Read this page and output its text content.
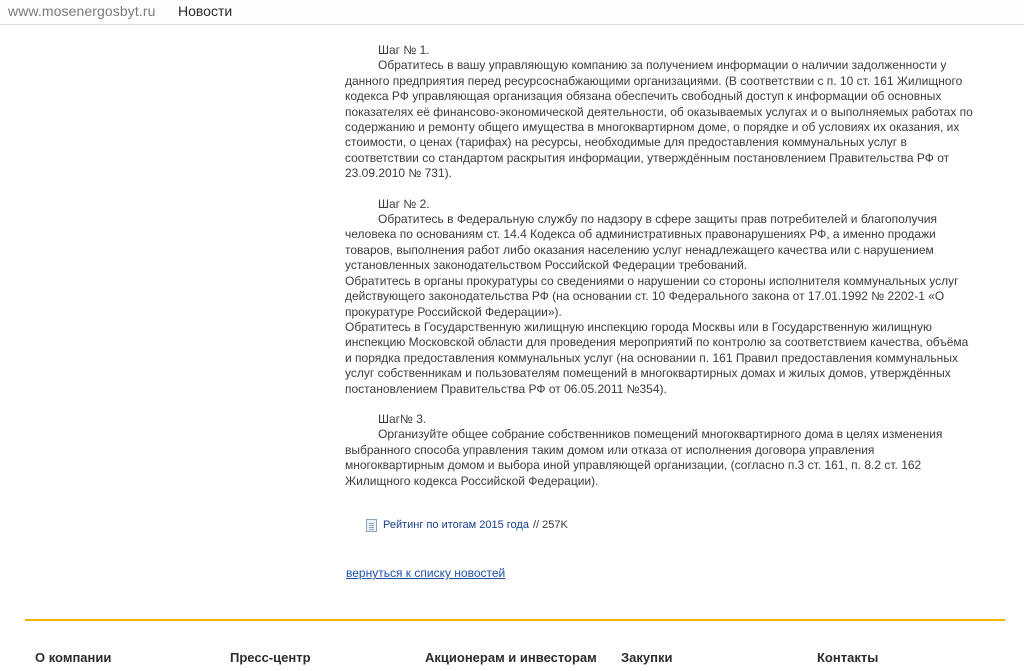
www.mosenergosbyt.ru Новости

Шаг № 1.

Обратитесь в вашу управляющую компанию за получением информации о наличии задолженности у данного предприятия перед ресурсоснабжающими организациями. (В соответствии с п. 10 ст. 161 Жилищного кодекса РФ управляющая организация обязана обеспечить свободный доступ к информации об основных показателях её финансово-экономической деятельности, об оказываемых услугах и о выполняемых работах по содержанию и ремонту общего имущества в многоквартирном доме, о порядке и об условиях их оказания, их стоимости, о ценах (тарифах) на ресурсы, необходимые для предоставления коммунальных услуг в соответствии со стандартом раскрытия информации, утверждённым постановлением Правительства РФ от 23.09.2010 № 731).

Шаг № 2.

Обратитесь в Федеральную службу по надзору в сфере защиты прав потребителей и благополучия человека по основаниям ст. 14.4 Кодекса об административных правонарушениях РФ, а именно продажи товаров, выполнения работ либо оказания населению услуг ненадлежащего качества или с нарушением установленных законодательством Российской Федерации требований.

Обратитесь в органы прокуратуры со сведениями о нарушении со стороны исполнителя коммунальных услуг действующего законодательства РФ (на основании ст. 10 Федерального закона от 17.01.1992 № 2202-1 «О прокуратуре Российской Федерации»).

Обратитесь в Государственную жилищную инспекцию города Москвы или в Государственную жилищную инспекцию Московской области для проведения мероприятий по контролю за соответствием качества, объёма и порядка предоставления коммунальных услуг (на основании п. 161 Правил предоставления коммунальных услуг собственникам и пользователям помещений в многоквартирных домах и жилых домов, утверждённых постановлением Правительства РФ от 06.05.2011 №354).

Шаг№ 3.

Организуйте общее собрание собственников помещений многоквартирного дома в целях изменения выбранного способа управления таким домом или отказа от исполнения договора управления многоквартирным домом и выбора иной управляющей организации, (согласно п.3 ст. 161, п. 8.2 ст. 162 Жилищного кодекса Российской Федерации).

Рейтинг по итогам 2015 года // 257K
вернуться к списку новостей
О компании	Пресс-центр	Акционерам и инвесторам Закупки	Контакты
